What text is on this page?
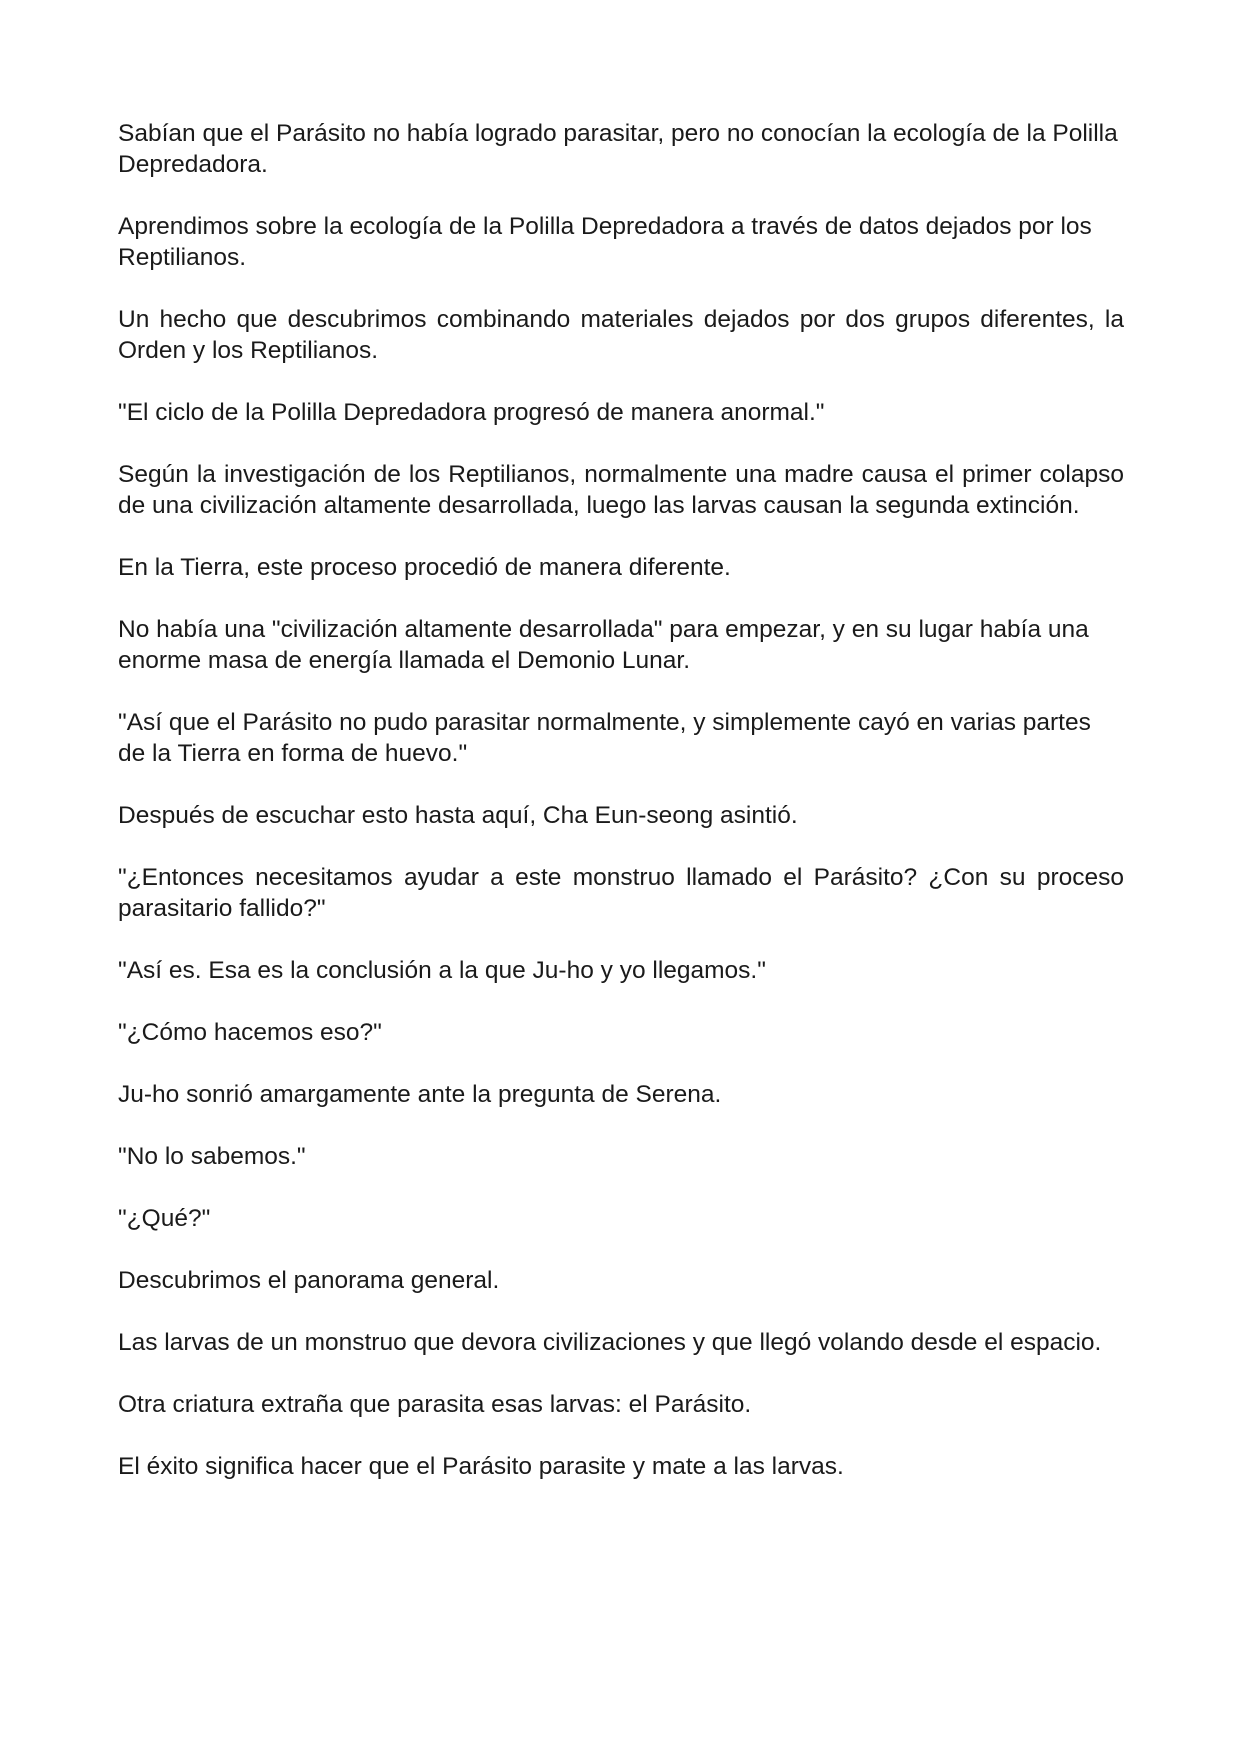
Sabían que el Parásito no había logrado parasitar, pero no conocían la ecología de la Polilla Depredadora.

Aprendimos sobre la ecología de la Polilla Depredadora a través de datos dejados por los Reptilianos.

Un hecho que descubrimos combinando materiales dejados por dos grupos diferentes, la Orden y los Reptilianos.

"El ciclo de la Polilla Depredadora progresó de manera anormal."

Según la investigación de los Reptilianos, normalmente una madre causa el primer colapso de una civilización altamente desarrollada, luego las larvas causan la segunda extinción.

En la Tierra, este proceso procedió de manera diferente.

No había una "civilización altamente desarrollada" para empezar, y en su lugar había una enorme masa de energía llamada el Demonio Lunar.

"Así que el Parásito no pudo parasitar normalmente, y simplemente cayó en varias partes de la Tierra en forma de huevo."

Después de escuchar esto hasta aquí, Cha Eun-seong asintió.

"¿Entonces necesitamos ayudar a este monstruo llamado el Parásito? ¿Con su proceso parasitario fallido?"

"Así es. Esa es la conclusión a la que Ju-ho y yo llegamos."

"¿Cómo hacemos eso?"

Ju-ho sonrió amargamente ante la pregunta de Serena.

"No lo sabemos."

"¿Qué?"

Descubrimos el panorama general.

Las larvas de un monstruo que devora civilizaciones y que llegó volando desde el espacio.

Otra criatura extraña que parasita esas larvas: el Parásito.

El éxito significa hacer que el Parásito parasite y mate a las larvas.
